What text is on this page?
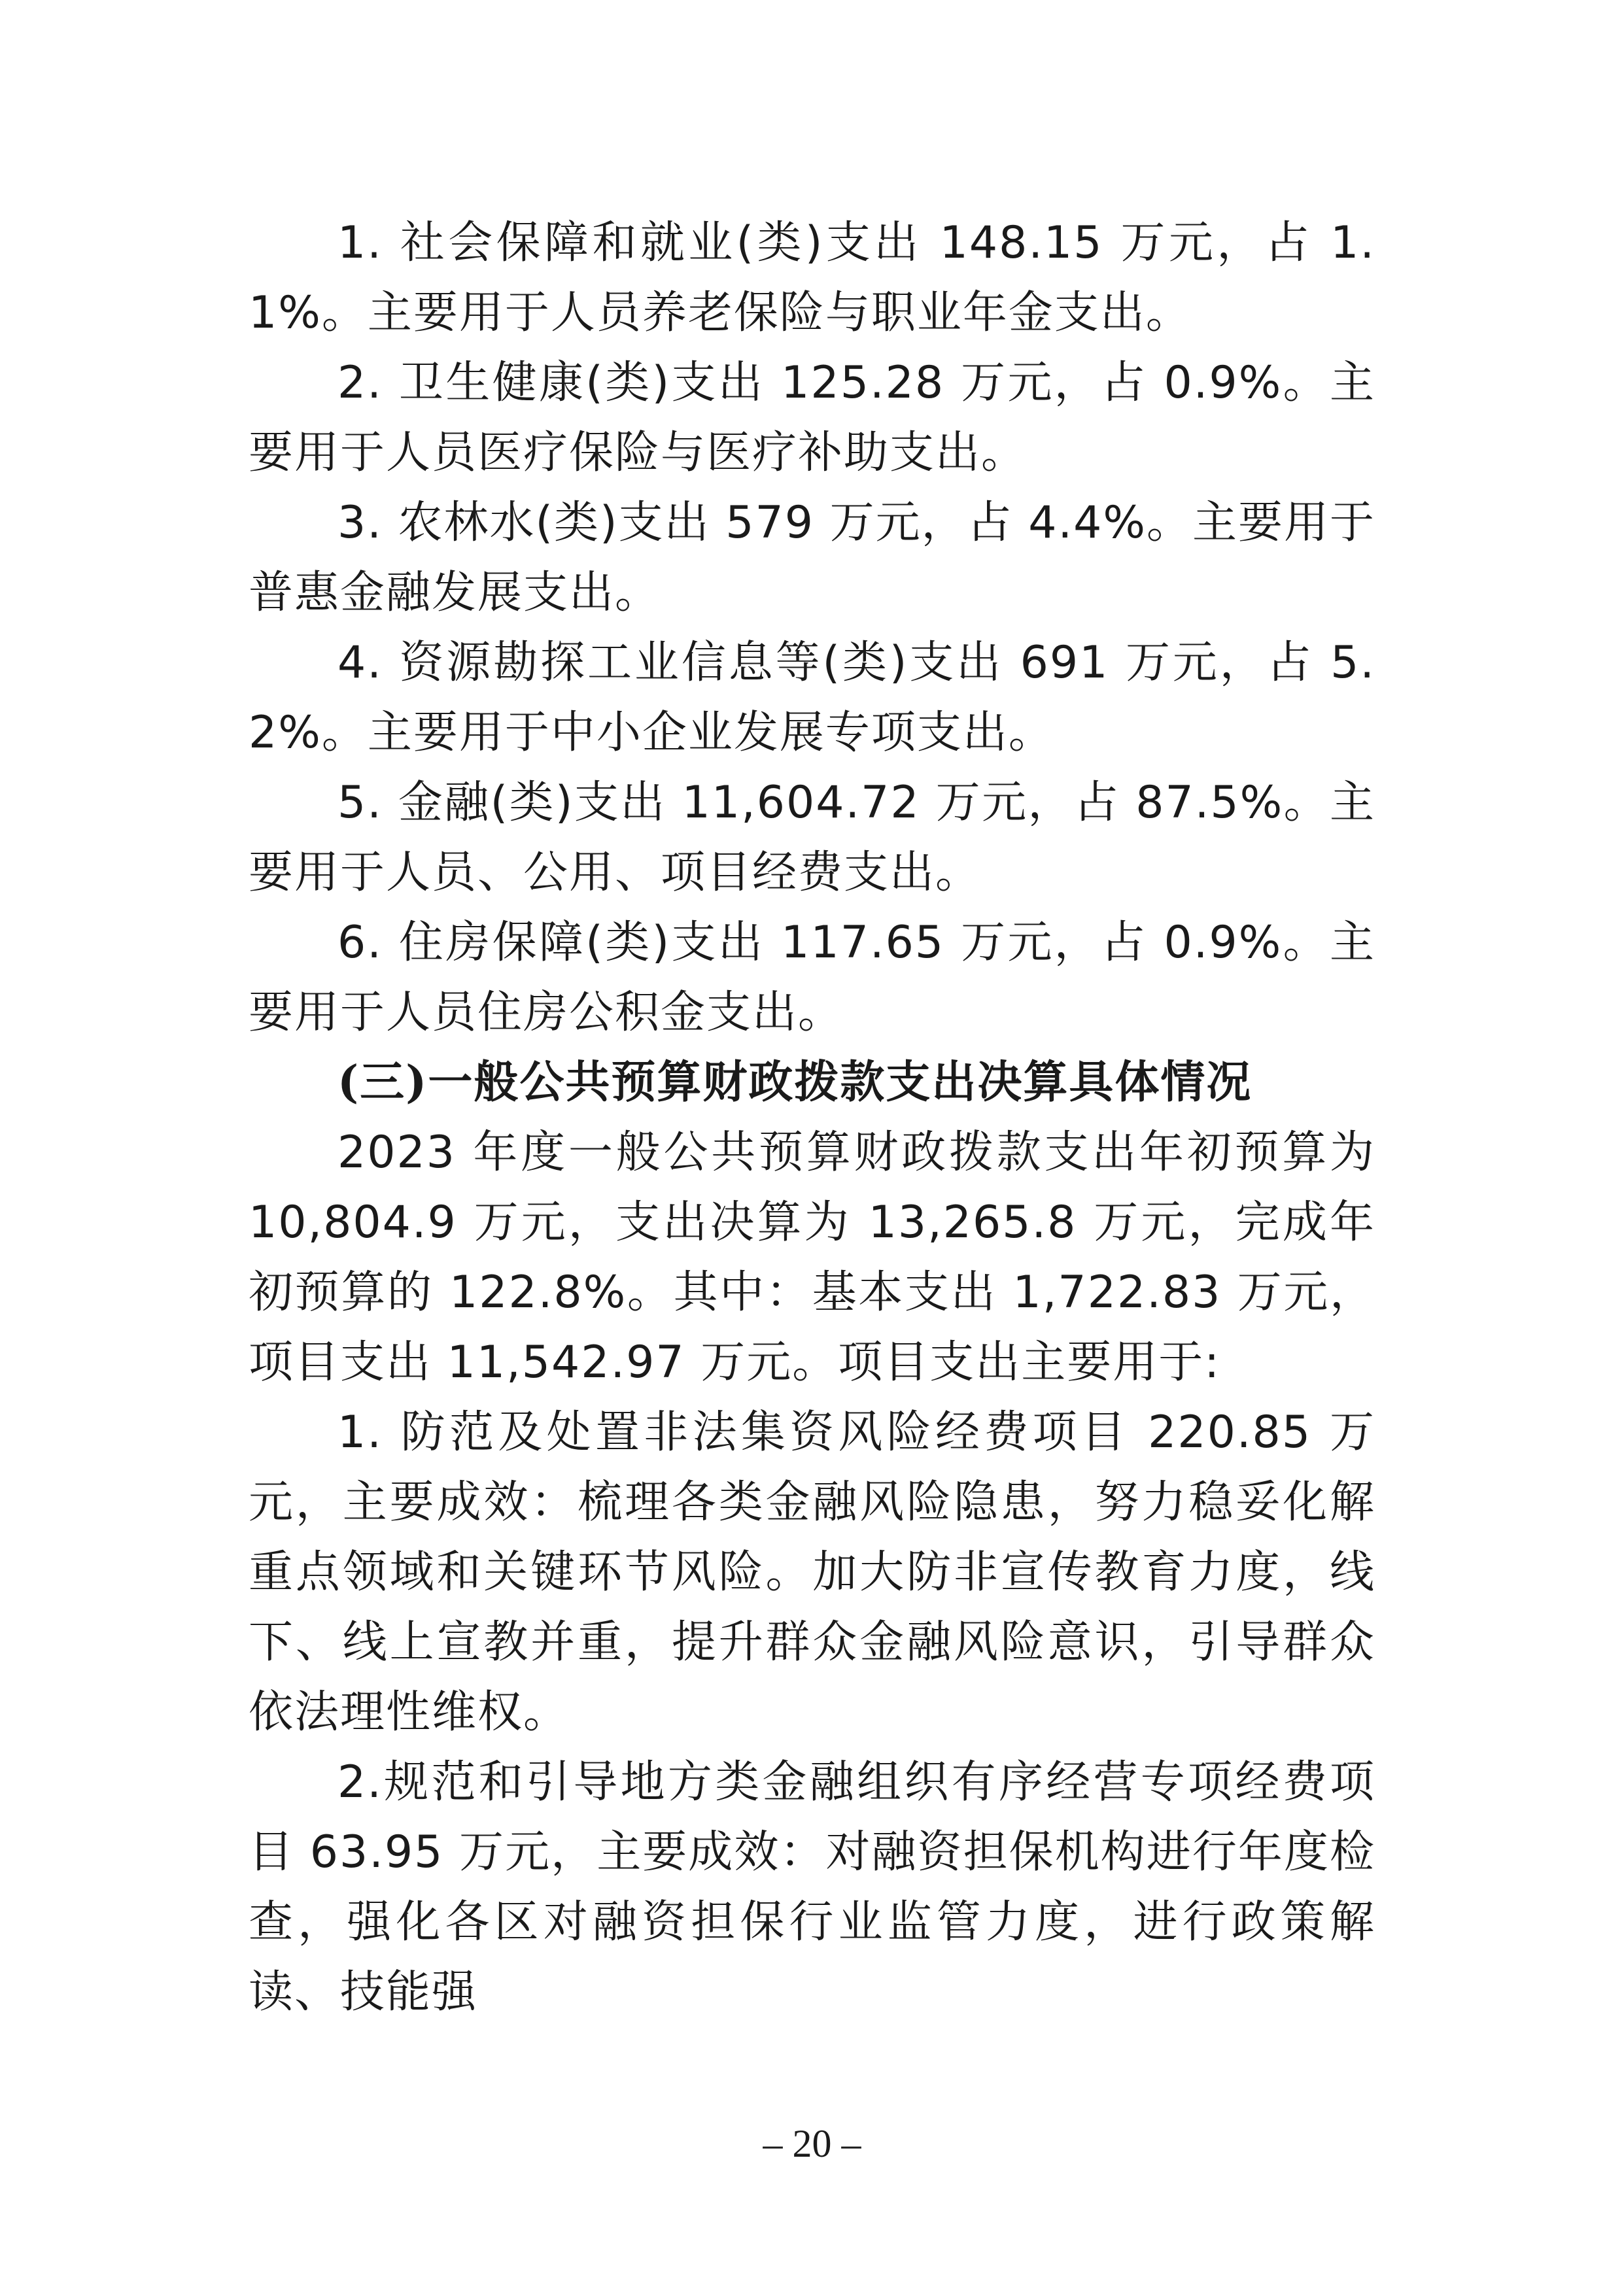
1. 社会保障和就业(类)支出 148.15 万元，占 1.1%。主要用于人员养老保险与职业年金支出。

2. 卫生健康(类)支出 125.28 万元，占 0.9%。主要用于人员医疗保险与医疗补助支出。

3. 农林水(类)支出 579 万元，占 4.4%。主要用于普惠金融发展支出。

4. 资源勘探工业信息等(类)支出 691 万元，占 5.2%。主要用于中小企业发展专项支出。

5. 金融(类)支出 11,604.72 万元，占 87.5%。主要用于人员、公用、项目经费支出。

6. 住房保障(类)支出 117.65 万元，占 0.9%。主要用于人员住房公积金支出。

(三)一般公共预算财政拨款支出决算具体情况

2023 年度一般公共预算财政拨款支出年初预算为 10,804.9 万元，支出决算为 13,265.8 万元，完成年初预算的 122.8%。其中：基本支出 1,722.83 万元，项目支出 11,542.97 万元。项目支出主要用于:

1. 防范及处置非法集资风险经费项目 220.85 万元，主要成效：梳理各类金融风险隐患，努力稳妥化解重点领域和关键环节风险。加大防非宣传教育力度，线下、线上宣教并重，提升群众金融风险意识，引导群众依法理性维权。

2.规范和引导地方类金融组织有序经营专项经费项目 63.95 万元，主要成效：对融资担保机构进行年度检查，强化各区对融资担保行业监管力度，进行政策解读、技能强

– 20 –
